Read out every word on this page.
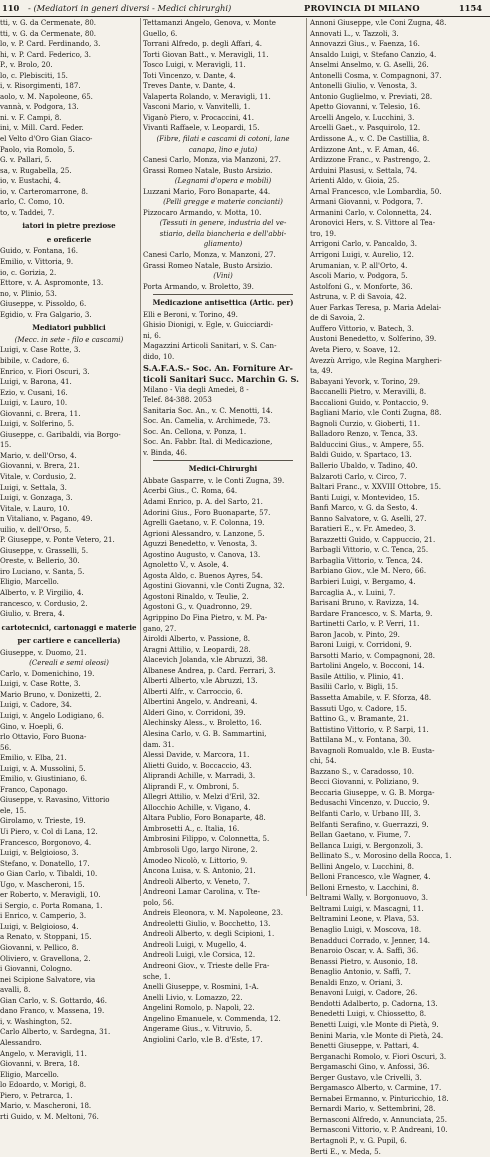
110 - (Mediatori in generi diversi - Medici chirurghi)	PROVINCIA DI MILANO	1154
tti, v. G. da Cermenate, 80.
tti, v. G. da Cermenate, 80.
lo, v. P. Card. Ferdinando, 3.
hi, v. P. Card. Federico, 3.
P., v. Brolo, 20.
lo, c. Plebisciti, 15.
i, v. Risorgimenti, 187.
aolo, v. M. Napoleone, 65.
vannà, v. Podgora, 13.
ni. v. F. Campi, 8.
ini, v. Mill. Card. Feder.
el Velto d'Oro Gian Giaco-
Paolo, via Romolo, 5.
G. v. Pallari, 5.
sa, v. Rugabella, 25.
io, v. Eustachi, 4.
io, v. Carteromarrone, 8.
arlo, C. Como, 10.
to, v. Taddei, 7.
iatori in pietre preziose
e oreficerie
Guido, v. Fontana, 16.
Emilio, v. Vittoria, 9.
io, c. Gorizia, 2.
Ettore, v. A. Aspromonte, 13.
no, v. Plinio, 53.
Giuseppe, v. Pissoldo, 6.
Egidio, v. Fra Galgario, 3.
Mediatori pubblici
(Mecc. in sete - filo e cascami)
Luigi, v. Case Rotte, 3.
bibile, v. Cadore, 6.
Enrico, v. Fiori Oscuri, 3.
Luigi, v. Barona, 41.
Ezio, v. Cusani, 16.
Luigi, v. Lauro, 10.
Giovanni, c. Brera, 11.
Luigi, v. Solferino, 5.
Giuseppe, c. Garibaldi, via Borgo-
15.
Mario, v. dell'Orso, 4.
Giovanni, v. Brera, 21.
Vitale, v. Cordusio, 2.
Luigi, v. Settala, 3.
Luigi, v. Gonzaga, 3.
Vitale, v. Lauro, 10.
n Vitaliano, v. Pagano, 49.
uilio, v. dell'Orso, 5.
P. Giuseppe, v. Ponte Vetero, 21.
Giuseppe, v. Grasselli, 5.
Oreste, v. Bellerio, 30.
iro Luciano, v. Santa, 5.
Eligio, Marcello.
Alberto, v. P. Virgilio, 4.
rancesco, v. Cordusio, 2.
Giulio, v. Brera, 4.
cartotecnici, cartonaggi e materie
per cartiere e cancelleria)
Giuseppe, v. Duomo, 21.
(Cereali e semi oleosi)
Carlo, v. Domenichino, 19.
Luigi, v. Case Rotte, 3.
Mario Bruno, v. Donizetti, 2.
Luigi, v. Cadore, 34.
Luigi, v. Angelo Lodigiano, 6.
Gino, v. Hoepli, 6.
rlo Ottavio, Foro Buona-
56.
Emilio, v. Elba, 21.
Luigi, v. A. Mussolini, 5.
Emilio, v. Giustiniano, 6.
Franco, Caponago.
Giuseppe, v. Ravasino, Vittorio
ele, 15.
Girolamo, v. Trieste, 19.
Ui Piero, v. Col di Lana, 12.
Francesco, Borgonovo, 4.
Luigi, v. Belgioioso, 3.
Stefano, v. Donatello, 17.
o Gian Carlo, v. Tibaldi, 10.
Ugo, v. Mascheroni, 15.
er Roberto, v. Meravigli, 10.
i Sergio, c. Porta Romana, 1.
i Enrico, v. Camperio, 3.
Luigi, v. Belgioioso, 4.
a Renato, v. Stoppani, 15.
Giovanni, v. Pellico, 8.
Oliviero, v. Gravellona, 2.
i Giovanni, Cologno.
nei Scipione Salvatore, via
avalli, 8.
Gian Carlo, v. S. Gottardo, 46.
dano Franco, v. Massena, 19.
i, v. Washington, 52.
Carlo Alberto, v. Sardegna, 31.
Alessandro.
Angelo, v. Meravigli, 11.
Giovanni, v. Brera, 18.
Eligio, Marcello.
lo Edoardo, v. Morigi, 8.
Piero, v. Petrarca, 1.
Mario, v. Mascheroni, 18.
rti Guido, v. M. Meltoni, 76.
Tettamanzi Angelo, Genova, v. Monte
Guello, 6.
Torrani Alfredo, p. degli Affari, 4.
Torti Giovan Batt., v. Meravigli, 11.
Tosco Luigi, v. Meravigli, 11.
Toti Vincenzo, v. Dante, 4.
Treves Dante, v. Dante, 4.
Valaperta Rolando, v. Meravigli, 11.
Vasconi Mario, v. Vanvitelli, 1.
Viganò Piero, v. Procaccini, 41.
Vivanti Raffaele, v. Leopardi, 15.
(Fibre, filati e cascami di cotoni, lane
canapa, lino e juta)
Canesi Carlo, Monza, via Manzoni, 27.
Grassi Romeo Natale, Busto Arsizio.
(Legnami d'opera e mobili)
Luzzani Mario, Foro Bonaparte, 44.
(Pelli gregge e materie concianti)
Pizzocaro Armando, v. Motta, 10.
(Tessuti in genere, industria del ve-
stiario, della biancheria e dell'abbi-
gliamento)
Canesi Carlo, Monza, v. Manzoni, 27.
Grassi Romeo Natale, Busto Arsizio.
(Vini)
Porta Armando, v. Broletto, 39.
Medicazione antisettica (Artic. per)
Elli e Beroni, v. Torino, 49.
Ghisio Dionigi, v. Egle, v. Guicciardi-
ni, 6.
Magazzini Articoli Sanitari, v. S. Can-
dido, 10.
S.A.F.A.S.- Soc. An. Forniture Ar-
ticoli Sanitari Succ. Marchin G. S.
Milano - Via degli Amedei, 8 -
Telef. 84-388. 2053
Sanitaria Soc. An., v. C. Menotti, 14.
Soc. An. Camelia, v. Archimede, 73.
Soc. An. Cellona, v. Ponza, 1.
Soc. An. Fabbr. Ital. di Medicazione,
v. Binda, 46.
Medici-Chirurghi
Abbate Gasparre, v. le Conti Zugna, 39.
Acerbi Gius., C. Roma, 64.
Adami Enrico, p. A. del Sarto, 21.
Adorini Gius., Foro Buonaparte, 57.
Agrelli Gaetano, v. F. Colonna, 19.
Agrioni Alessandro, v. Lanzone, 5.
Aguzzi Benedetto, v. Venosta, 3.
Agostino Augusto, v. Canova, 13.
Agnoletto V., v. Asole, 4.
Agosta Aldo, c. Buenos Ayres, 54.
Agostini Giovanni, v.le Conti Zugna, 32.
Agostoni Rinaldo, v. Teulie, 2.
Agostoni G., v. Quadronno, 29.
Agrippino Do Fina Pietro, v. M. Pa-
gano, 27.
Airoldi Alberto, v. Passione, 8.
Aragni Attilio, v. Leopardi, 28.
Alacevich Jolanda, v.le Abruzzi, 38.
Albanese Andrea, p. Card. Ferrari, 3.
Alberti Alberto, v.le Abruzzi, 13.
Alberti Alfr., v. Carroccio, 6.
Albertini Angelo, v. Andreani, 4.
Alderi Gino, v. Corridoni, 39.
Alechinsky Aless., v. Broletto, 16.
Alesina Carlo, v. G. B. Sammartini,
dam. 31.
Alessi Davide, v. Marcora, 11.
Alietti Guido, v. Boccaccio, 43.
Aliprandi Achille, v. Marradi, 3.
Aliprandi F., v. Ombroni, 5.
Allegri Attilio, v. Melzi d'Eril, 32.
Allocchio Achille, v. Vigano, 4.
Altara Publio, Foro Bonaparte, 48.
Ambrosetti A., c. Italia, 16.
Ambrosini Filippo, v. Colonnetta, 5.
Ambrosoli Ugo, largo Nirone, 2.
Amodeo Nicolò, v. Littorio, 9.
Ancona Luisa, v. S. Antonio, 21.
Andreoli Alberto, v. Veneto, 7.
Andreoni Lamar Carolina, v. Tte-
polo, 56.
Andreis Eleonora, v. M. Napoleone, 23.
Andreoletti Giulio, v. Bocchetto, 13.
Andreoli Alberto, v. degli Scipioni, 1.
Andreoli Luigi, v. Mugello, 4.
Andreoli Luigi, v.le Corsica, 12.
Andreoni Giov., v. Trieste delle Fra-
sche, 1.
Anelli Giuseppe, v. Rosmini, 1-A.
Anelli Livio, v. Lomazzo, 22.
Angelini Romolo, p. Napoli, 22.
Angelino Emanuele, v. Commenda, 12.
Angerame Gius., v. Vitruvio, 5.
Angiolini Carlo, v.le B. d'Este, 17.
Annoni Giuseppe, v.le Coni Zugna, 48.
Annovati L., v. Tazzoli, 3.
Annovazzi Gius., v. Faenza, 16.
Ansaldo Luigi, v. Stefano Canzio, 4.
Anselmi Anselmo, v. G. Aselli, 26.
Antonelli Cosma, v. Compagnoni, 37.
Antonelli Giulio, v. Venosta, 3.
Antonio Guglielmo, v. Previati, 28.
Apetto Giovanni, v. Telesio, 16.
Arcelli Angelo, v. Lucchini, 3.
Arcelli Gaet., v. Pasquirolo, 12.
Ardissone A., v. C. De Castillia, 8.
Ardizzone Ant., v. F. Aman, 46.
Ardizzone Franc., v. Pastrengo, 2.
Arduini Plasusi, v. Settala, 74.
Arienti Aldo, v. Gioia, 25.
Arnal Francesco, v.le Lombardia, 50.
Armani Giovanni, v. Podgora, 7.
Armanini Carlo, v. Colonnetta, 24.
Aronovici Hers, v. S. Vittore al Tea-
tro, 19.
Arrigoni Carlo, v. Pancaldo, 3.
Arrigoni Luigi, v. Aurelio, 12.
Arumanian, v. P. all'Orto, 4.
Ascoli Mario, v. Podgora, 5.
Astolfoni G., v. Monforte, 36.
Astruna, v. P. di Savoia, 42.
Auer Farkas Teresa, p. Maria Adelai-
de di Savoia, 2.
Auffero Vittorio, v. Batech, 3.
Austoni Benedetto, v. Solferino, 39.
Aveta Piero, v. Soave, 12.
Avezzù Arrigo, v.le Regina Margheri-
ta, 49.
Babayani Yevork, v. Torino, 29.
Baccanelli Pietro, v. Meravilli, 8.
Baccalioni Guido, v. Pontaccio, 9.
Bagliani Mario, v.le Conti Zugna, 88.
Bagnoli Curzio, v. Gioberti, 11.
Balladoro Renzo, v. Tenca, 33.
Balduccini Gius., v. Ampere, 55.
Baldi Guido, v. Spartaco, 13.
Ballerio Ubaldo, v. Tadino, 40.
Balzaroti Carlo, v. Circo, 7.
Baltari Franc., v. XXVIII Ottobre, 15.
Banti Luigi, v. Montevideo, 15.
Banfi Marco, v. G. da Sesto, 4.
Banno Salvatore, v. G. Aselli, 27.
Baratieri E., v. Fr. Amedeo, 3.
Barazzetti Guido, v. Cappuccio, 21.
Barbagli Vittorio, v. C. Tenca, 25.
Barbaglia Vittorio, v. Tenca, 24.
Barbiano Giov., v.le M. Nero, 66.
Barbieri Luigi, v. Bergamo, 4.
Barcaglia A., v. Luini, 7.
Barisani Bruno, v. Ravizza, 14.
Bardare Francesco, v. S. Marta, 9.
Bartinetti Carlo, v. P. Verri, 11.
Baron Jacob, v. Pinto, 29.
Baroni Luigi, v. Corridoni, 9.
Barsotti Mario, v. Compagnoni, 28.
Bartolini Angelo, v. Bocconi, 14.
Basile Attilio, v. Plinio, 41.
Basilii Carlo, v. Bigli, 15.
Bassetta Amabile, v. F. Sforza, 48.
Bassuti Ugo, v. Cadore, 15.
Battino G., v. Bramante, 21.
Battistino Vittorio, v. P. Sarpi, 11.
Battilana M., v. Fontana, 30.
Bavagnoli Romualdo, v.le B. Eusta-
chi, 54.
Bazzano S., v. Caradosso, 10.
Becci Giovanni, v. Poliziano, 9.
Beccaria Giuseppe, v. G. B. Morga-
Bedusachi Vincenzo, v. Duccio, 9.
Belfanti Carlo, v. Urbano III, 3.
Belfanti Serafino, v. Guerrazzi, 9.
Bellan Gaetano, v. Fiume, 7.
Bellanca Luigi, v. Bergonzoli, 3.
Bellinato S., v. Morosino della Rocca, 1.
Bellini Angelo, v. Lucchini, 8.
Belloni Francesco, v.le Wagner, 4.
Belloni Ernesto, v. Lacchini, 8.
Beltrami Wally, v. Borgonuovo, 3.
Beltrami Luigi, v. Mascagni, 11.
Beltramini Leone, v. Plava, 53.
Benaglio Luigi, v. Moscova, 18.
Benadduci Corrado, v. Jenner, 14.
Benaroio Oscar, v. A. Saffi, 36.
Benassi Pietro, v. Ausonio, 18.
Benaglio Antonio, v. Saffi, 7.
Benaldi Enzo, v. Oriani, 3.
Benavoni Luigi, v. Cadore, 26.
Bendotti Adalberto, p. Cadorna, 13.
Benedetti Luigi, v. Chiossetto, 8.
Benetti Luigi, v.le Monte di Pietà, 9.
Benini Maria, v.le Monte di Pietà, 24.
Benetti Giuseppe, v. Pattari, 4.
Berganachi Romolo, v. Fiori Oscuri, 3.
Bergamaschi Gino, v. Anfossi, 36.
Berger Gustavo, v.le Crivelli, 3.
Bergamasco Alberto, v. Carmine, 17.
Bernabei Ermanno, v. Pinturicchio, 18.
Bernardi Mario, v. Settembrini, 28.
Bernasconi Alfredo, v. Annunciata, 25.
Bernasconi Vittorio, v. P. Andreani, 10.
Bertagnoli P., v. G. Pupil, 6.
Berti E., v. Meda, 5.
